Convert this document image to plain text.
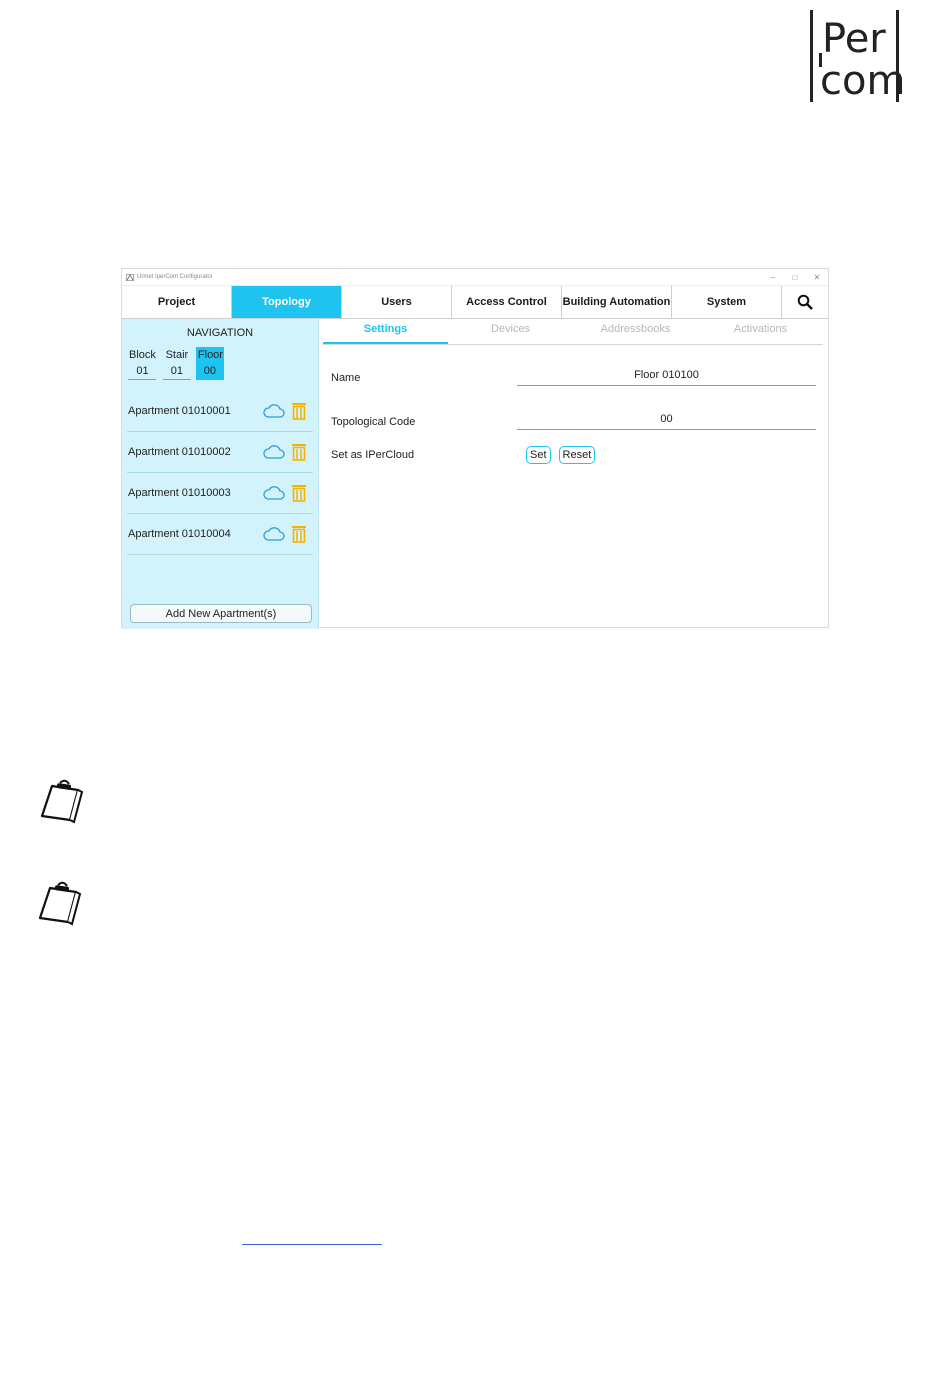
Per
com
Urmet IperCom Configurator	–	□	✕
Project	Topology	Users	Access Control	Building Automation	System
NAVIGATION
Block
01
Stair
01
Floor
00
Apartment 01010001
Apartment 01010002
Apartment 01010003
Apartment 01010004
Add New Apartment(s)
Settings	Devices	Addressbooks	Activations
Name	Floor 010100
Topological Code	00
Set as IPerCloud	Set	Reset
